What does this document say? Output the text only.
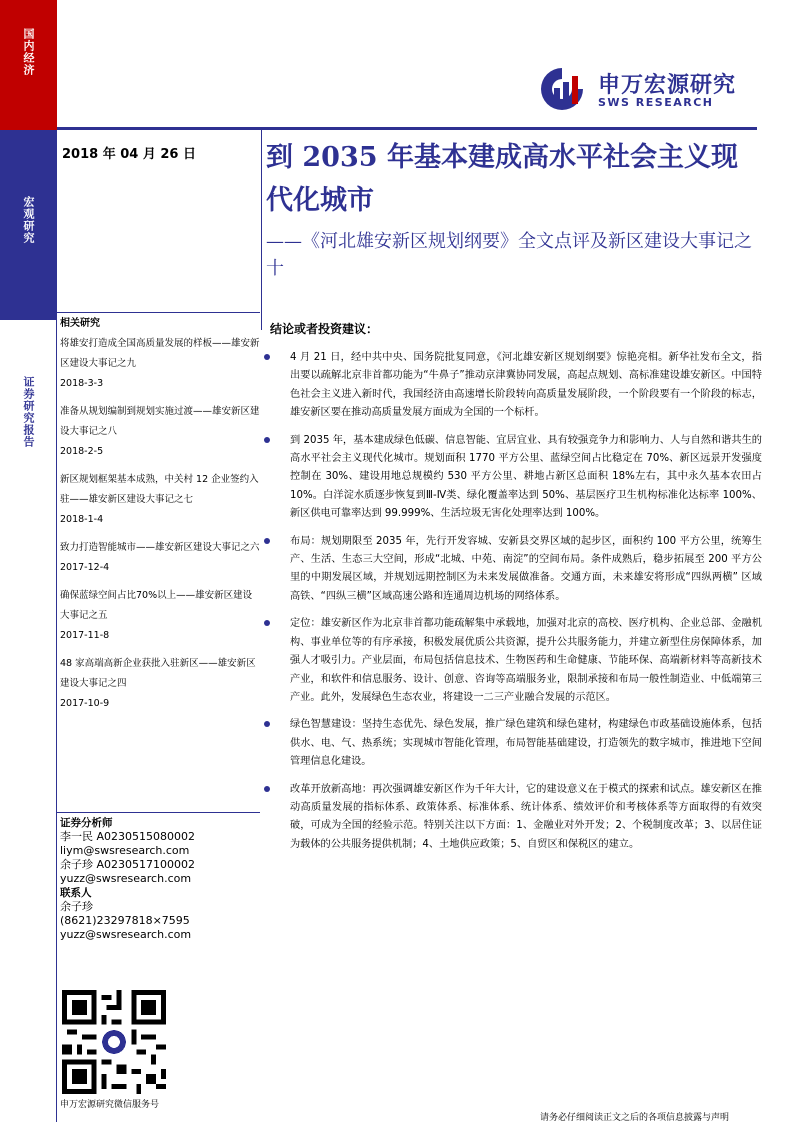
国内经济
宏观研究
证券研究报告
申万宏源研究
SWS RESEARCH
2018 年 04 月 26 日	到 2035 年基本建成高水平社会主义现代化城市
——《河北雄安新区规划纲要》全文点评及新区建设大事记之十
相关研究
将雄安打造成全国高质量发展的样板——雄安新区建设大事记之九
2018-3-3
准备从规划编制到规划实施过渡——雄安新区建设大事记之八
2018-2-5
新区规划框架基本成熟，中关村 12 企业签约入驻——雄安新区建设大事记之七
2018-1-4
致力打造智能城市——雄安新区建设大事记之六
2017-12-4
确保蓝绿空间占比70%以上——雄安新区建设大事记之五
2017-11-8
48 家高端高新企业获批入驻新区——雄安新区建设大事记之四
2017-10-9
证券分析师
李一民 A0230515080002
liym@swsresearch.com
余子珍 A0230517100002
yuzz@swsresearch.com
联系人
余子珍
(8621)23297818×7595
yuzz@swsresearch.com
申万宏源研究微信服务号
结论或者投资建议：
4 月 21 日，经中共中央、国务院批复同意，《河北雄安新区规划纲要》惊艳亮相。新华社发布全文，指出要以疏解北京非首都功能为“牛鼻子”推动京津冀协同发展，高起点规划、高标准建设雄安新区。中国特色社会主义进入新时代，我国经济由高速增长阶段转向高质量发展阶段，一个阶段要有一个阶段的标志，雄安新区要在推动高质量发展方面成为全国的一个标杆。
到 2035 年，基本建成绿色低碳、信息智能、宜居宜业、具有较强竞争力和影响力、人与自然和谐共生的高水平社会主义现代化城市。规划面积 1770 平方公里、蓝绿空间占比稳定在 70%、新区远景开发强度控制在 30%、建设用地总规模约 530 平方公里、耕地占新区总面积 18%左右，其中永久基本农田占 10%。白洋淀水质逐步恢复到Ⅲ-Ⅳ类、绿化覆盖率达到 50%、基层医疗卫生机构标准化达标率 100%、新区供电可靠率达到 99.999%、生活垃圾无害化处理率达到 100%。
布局：规划期限至 2035 年，先行开发容城、安新县交界区域的起步区，面积约 100 平方公里，统筹生产、生活、生态三大空间，形成“北城、中苑、南淀”的空间布局。条件成熟后，稳步拓展至 200 平方公里的中期发展区域，并规划远期控制区为未来发展做准备。交通方面，未来雄安将形成“四纵两横” 区域高铁、“四纵三横”区域高速公路和连通周边机场的网络体系。
定位：雄安新区作为北京非首都功能疏解集中承载地，加强对北京的高校、医疗机构、企业总部、金融机构、事业单位等的有序承接，积极发展优质公共资源，提升公共服务能力，并建立新型住房保障体系，加强人才吸引力。产业层面，布局包括信息技术、生物医药和生命健康、节能环保、高端新材料等高新技术产业，和软件和信息服务、设计、创意、咨询等高端服务业，限制承接和布局一般性制造业、中低端第三产业。此外，发展绿色生态农业，将建设一二三产业融合发展的示范区。
绿色智慧建设：坚持生态优先、绿色发展，推广绿色建筑和绿色建材，构建绿色市政基础设施体系，包括供水、电、气、热系统；实现城市智能化管理，布局智能基础建设，打造领先的数字城市，推进地下空间管理信息化建设。
改革开放新高地：再次强调雄安新区作为千年大计，它的建设意义在于模式的探索和试点。雄安新区在推动高质量发展的指标体系、政策体系、标准体系、统计体系、绩效评价和考核体系等方面取得的有效突破，可成为全国的经验示范。特别关注以下方面：1、金融业对外开发；2、个税制度改革；3、以居住证为载体的公共服务提供机制；4、土地供应政策；5、自贸区和保税区的建立。
请务必仔细阅读正文之后的各项信息披露与声明
